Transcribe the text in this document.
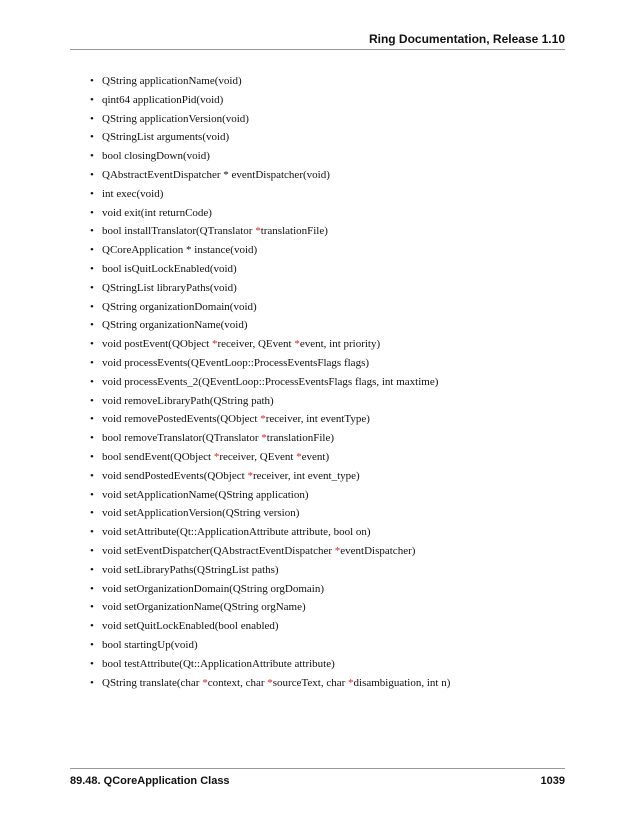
Ring Documentation, Release 1.10
• QString applicationName(void)
• qint64 applicationPid(void)
• QString applicationVersion(void)
• QStringList arguments(void)
• bool closingDown(void)
• QAbstractEventDispatcher * eventDispatcher(void)
• int exec(void)
• void exit(int returnCode)
• bool installTranslator(QTranslator *translationFile)
• QCoreApplication * instance(void)
• bool isQuitLockEnabled(void)
• QStringList libraryPaths(void)
• QString organizationDomain(void)
• QString organizationName(void)
• void postEvent(QObject *receiver, QEvent *event, int priority)
• void processEvents(QEventLoop::ProcessEventsFlags flags)
• void processEvents_2(QEventLoop::ProcessEventsFlags flags, int maxtime)
• void removeLibraryPath(QString path)
• void removePostedEvents(QObject *receiver, int eventType)
• bool removeTranslator(QTranslator *translationFile)
• bool sendEvent(QObject *receiver, QEvent *event)
• void sendPostedEvents(QObject *receiver, int event_type)
• void setApplicationName(QString application)
• void setApplicationVersion(QString version)
• void setAttribute(Qt::ApplicationAttribute attribute, bool on)
• void setEventDispatcher(QAbstractEventDispatcher *eventDispatcher)
• void setLibraryPaths(QStringList paths)
• void setOrganizationDomain(QString orgDomain)
• void setOrganizationName(QString orgName)
• void setQuitLockEnabled(bool enabled)
• bool startingUp(void)
• bool testAttribute(Qt::ApplicationAttribute attribute)
• QString translate(char *context, char *sourceText, char *disambiguation, int n)
89.48. QCoreApplication Class	1039
